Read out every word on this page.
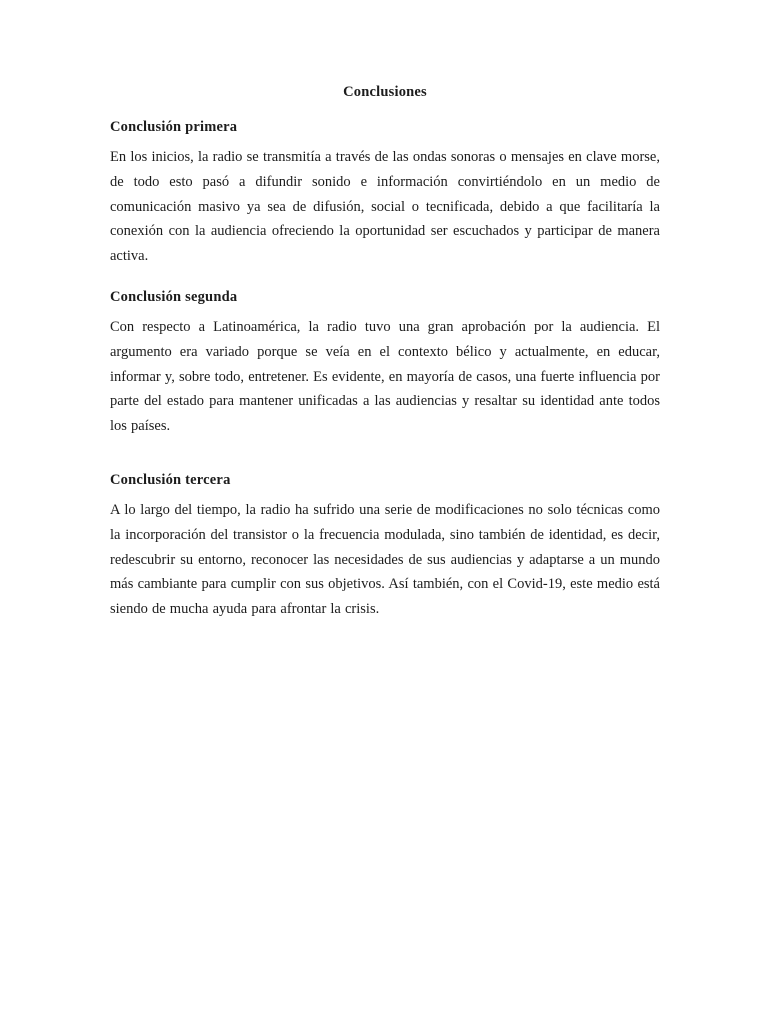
Conclusiones
Conclusión primera

En los inicios, la radio se transmitía a través de las ondas sonoras o mensajes en clave morse, de todo esto pasó a difundir sonido e información convirtiéndolo en un medio de comunicación masivo ya sea de difusión, social o tecnificada, debido a que facilitaría la conexión con la audiencia ofreciendo la oportunidad ser escuchados y participar de manera activa.

Conclusión segunda

Con respecto a Latinoamérica, la radio tuvo una gran aprobación por la audiencia. El argumento era variado porque se veía en el contexto bélico y actualmente, en educar, informar y, sobre todo, entretener. Es evidente, en mayoría de casos, una fuerte influencia por parte del estado para mantener unificadas a las audiencias y resaltar su identidad ante todos los países.

Conclusión tercera

A lo largo del tiempo, la radio ha sufrido una serie de modificaciones no solo técnicas como la incorporación del transistor o la frecuencia modulada, sino también de identidad, es decir, redescubrir su entorno, reconocer las necesidades de sus audiencias y adaptarse a un mundo más cambiante para cumplir con sus objetivos. Así también, con el Covid-19, este medio está siendo de mucha ayuda para afrontar la crisis.
